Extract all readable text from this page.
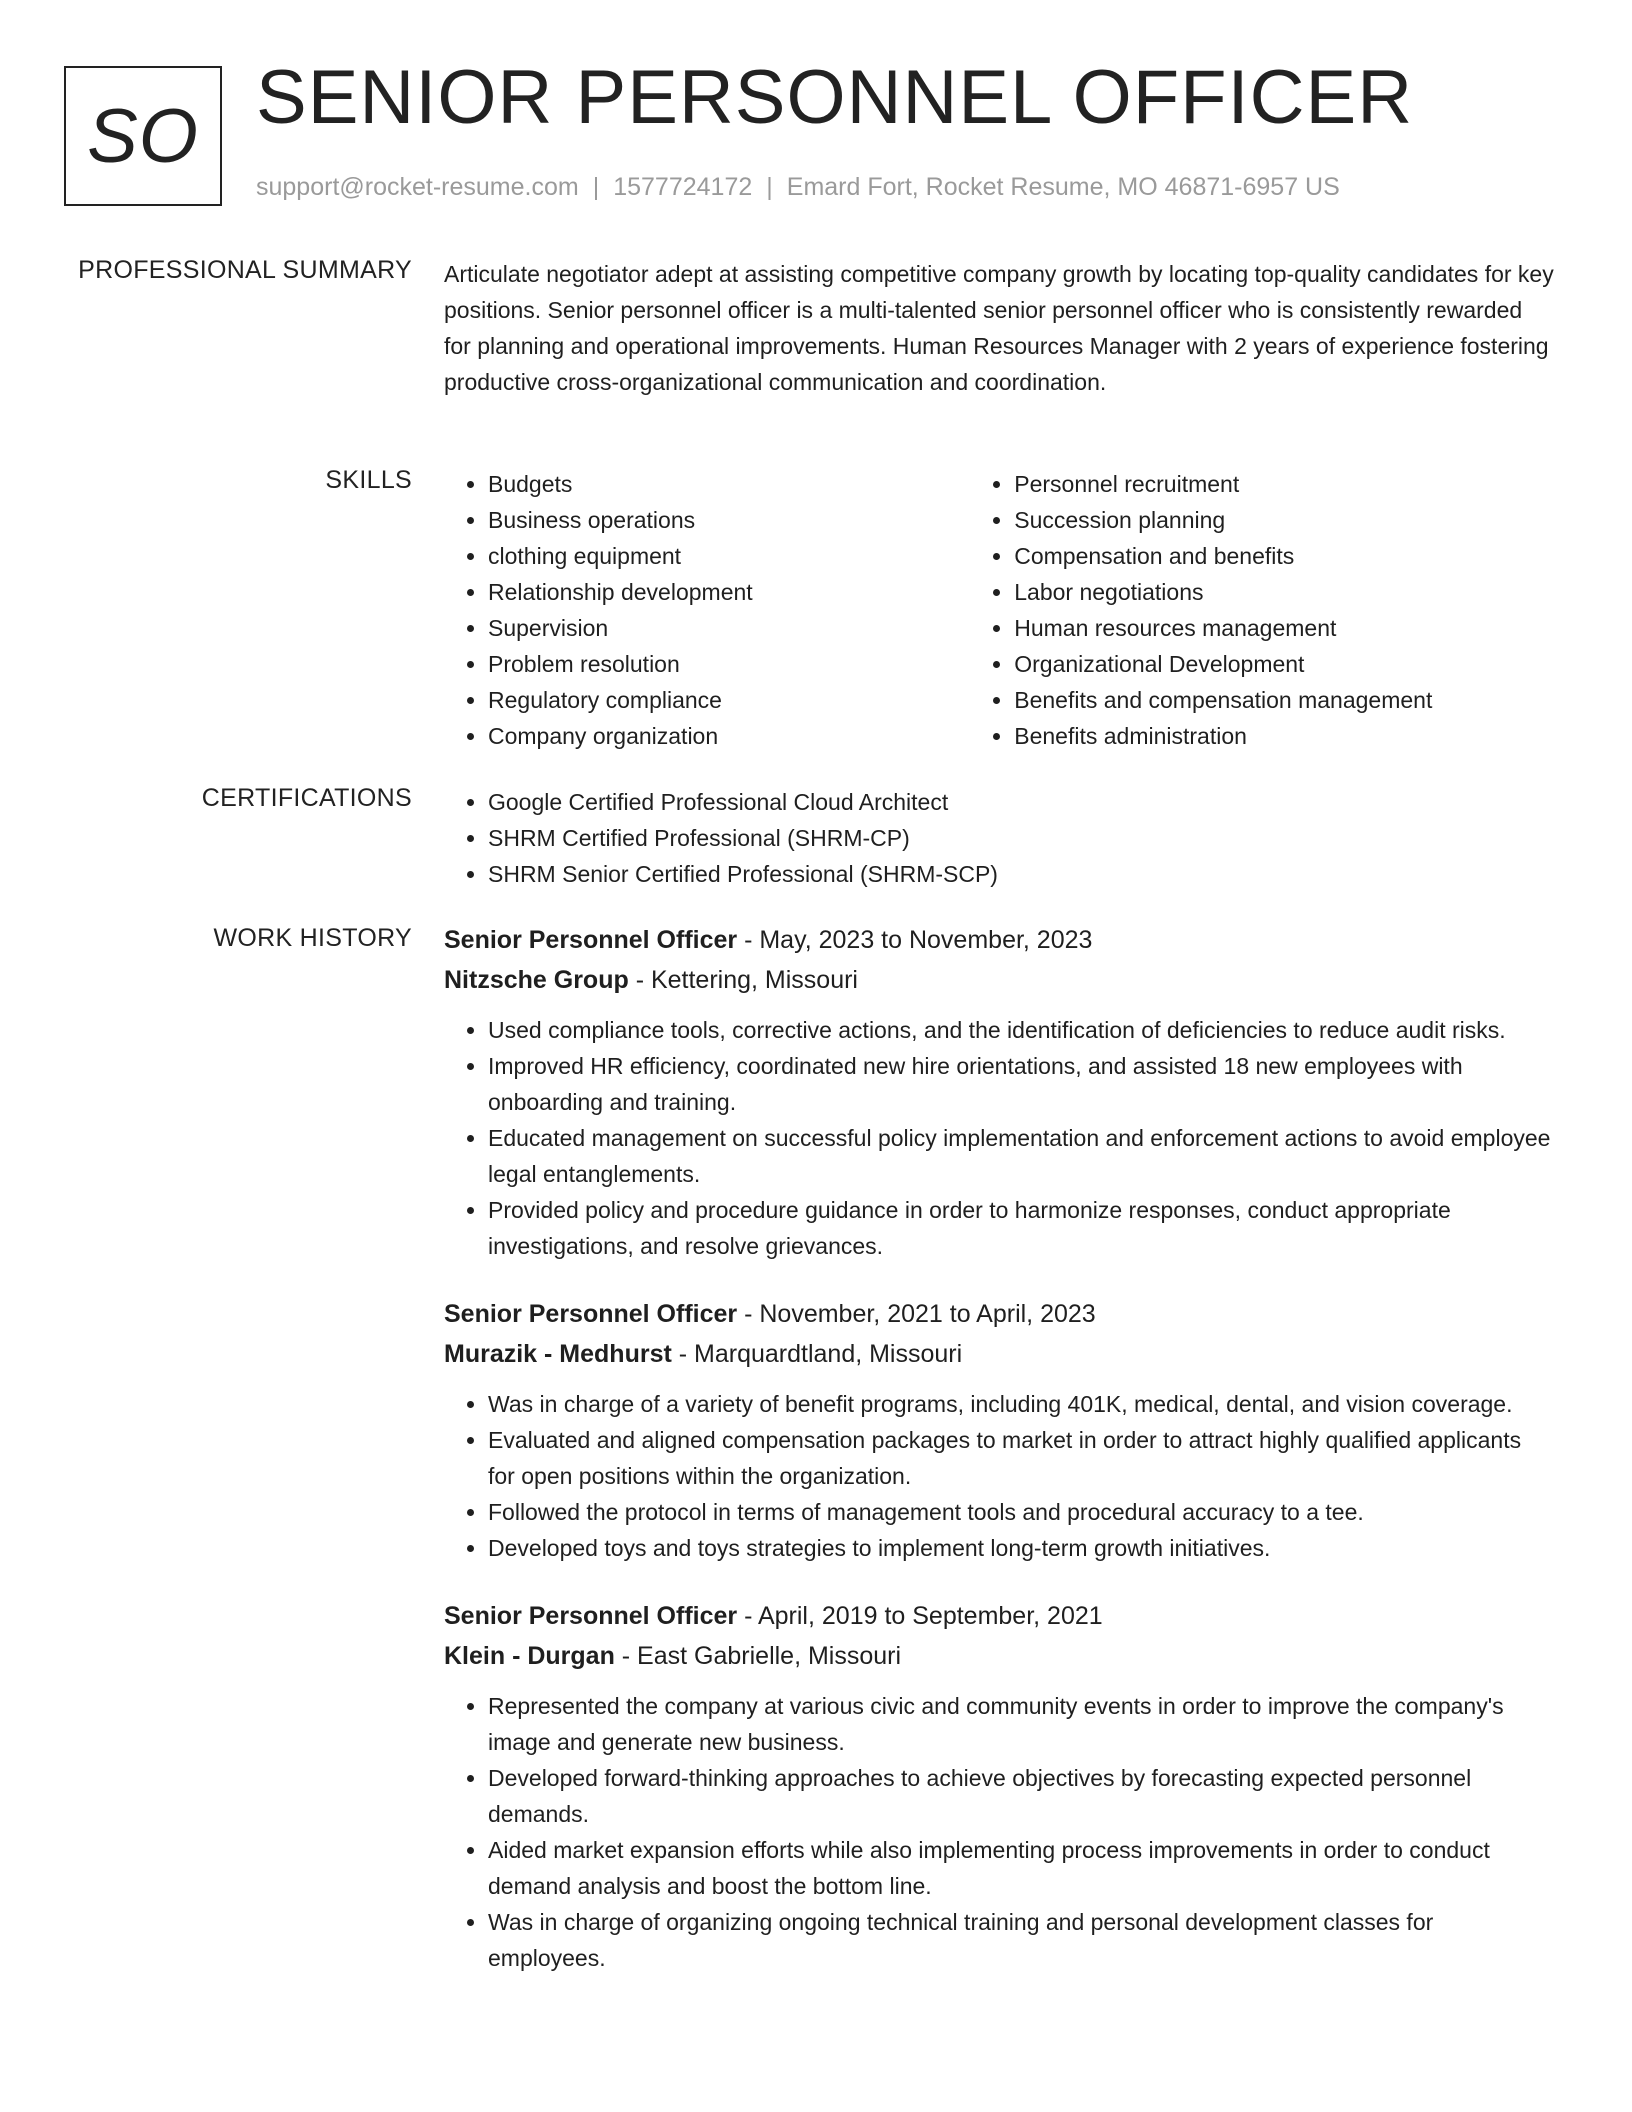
SO SENIOR PERSONNEL OFFICER
support@rocket-resume.com | 1577724172 | Emard Fort, Rocket Resume, MO 46871-6957 US
PROFESSIONAL SUMMARY Articulate negotiator adept at assisting competitive company growth by locating top-quality candidates for key positions. Senior personnel officer is a multi-talented senior personnel officer who is consistently rewarded for planning and operational improvements. Human Resources Manager with 2 years of experience fostering productive cross-organizational communication and coordination.
SKILLS	• Budgets
• Business operations
• clothing equipment
• Relationship development
• Supervision
• Problem resolution
• Regulatory compliance
• Company organization
• Personnel recruitment
• Succession planning
• Compensation and benefits
• Labor negotiations
• Human resources management
• Organizational Development
• Benefits and compensation management
• Benefits administration
CERTIFICATIONS	• Google Certified Professional Cloud Architect
• SHRM Certified Professional (SHRM-CP)
• SHRM Senior Certified Professional (SHRM-SCP)
WORK HISTORY Senior Personnel Officer - May, 2023 to November, 2023
Nitzsche Group - Kettering, Missouri
• Used compliance tools, corrective actions, and the identification of deficiencies to reduce audit risks.
• Improved HR efficiency, coordinated new hire orientations, and assisted 18 new employees with onboarding and training.
• Educated management on successful policy implementation and enforcement actions to avoid employee legal entanglements.
• Provided policy and procedure guidance in order to harmonize responses, conduct appropriate investigations, and resolve grievances.
Senior Personnel Officer - November, 2021 to April, 2023
Murazik - Medhurst - Marquardtland, Missouri
• Was in charge of a variety of benefit programs, including 401K, medical, dental, and vision coverage.
• Evaluated and aligned compensation packages to market in order to attract highly qualified applicants for open positions within the organization.
• Followed the protocol in terms of management tools and procedural accuracy to a tee.
• Developed toys and toys strategies to implement long-term growth initiatives.
Senior Personnel Officer - April, 2019 to September, 2021
Klein - Durgan - East Gabrielle, Missouri
• Represented the company at various civic and community events in order to improve the company's image and generate new business.
• Developed forward-thinking approaches to achieve objectives by forecasting expected personnel demands.
• Aided market expansion efforts while also implementing process improvements in order to conduct demand analysis and boost the bottom line.
• Was in charge of organizing ongoing technical training and personal development classes for employees.
